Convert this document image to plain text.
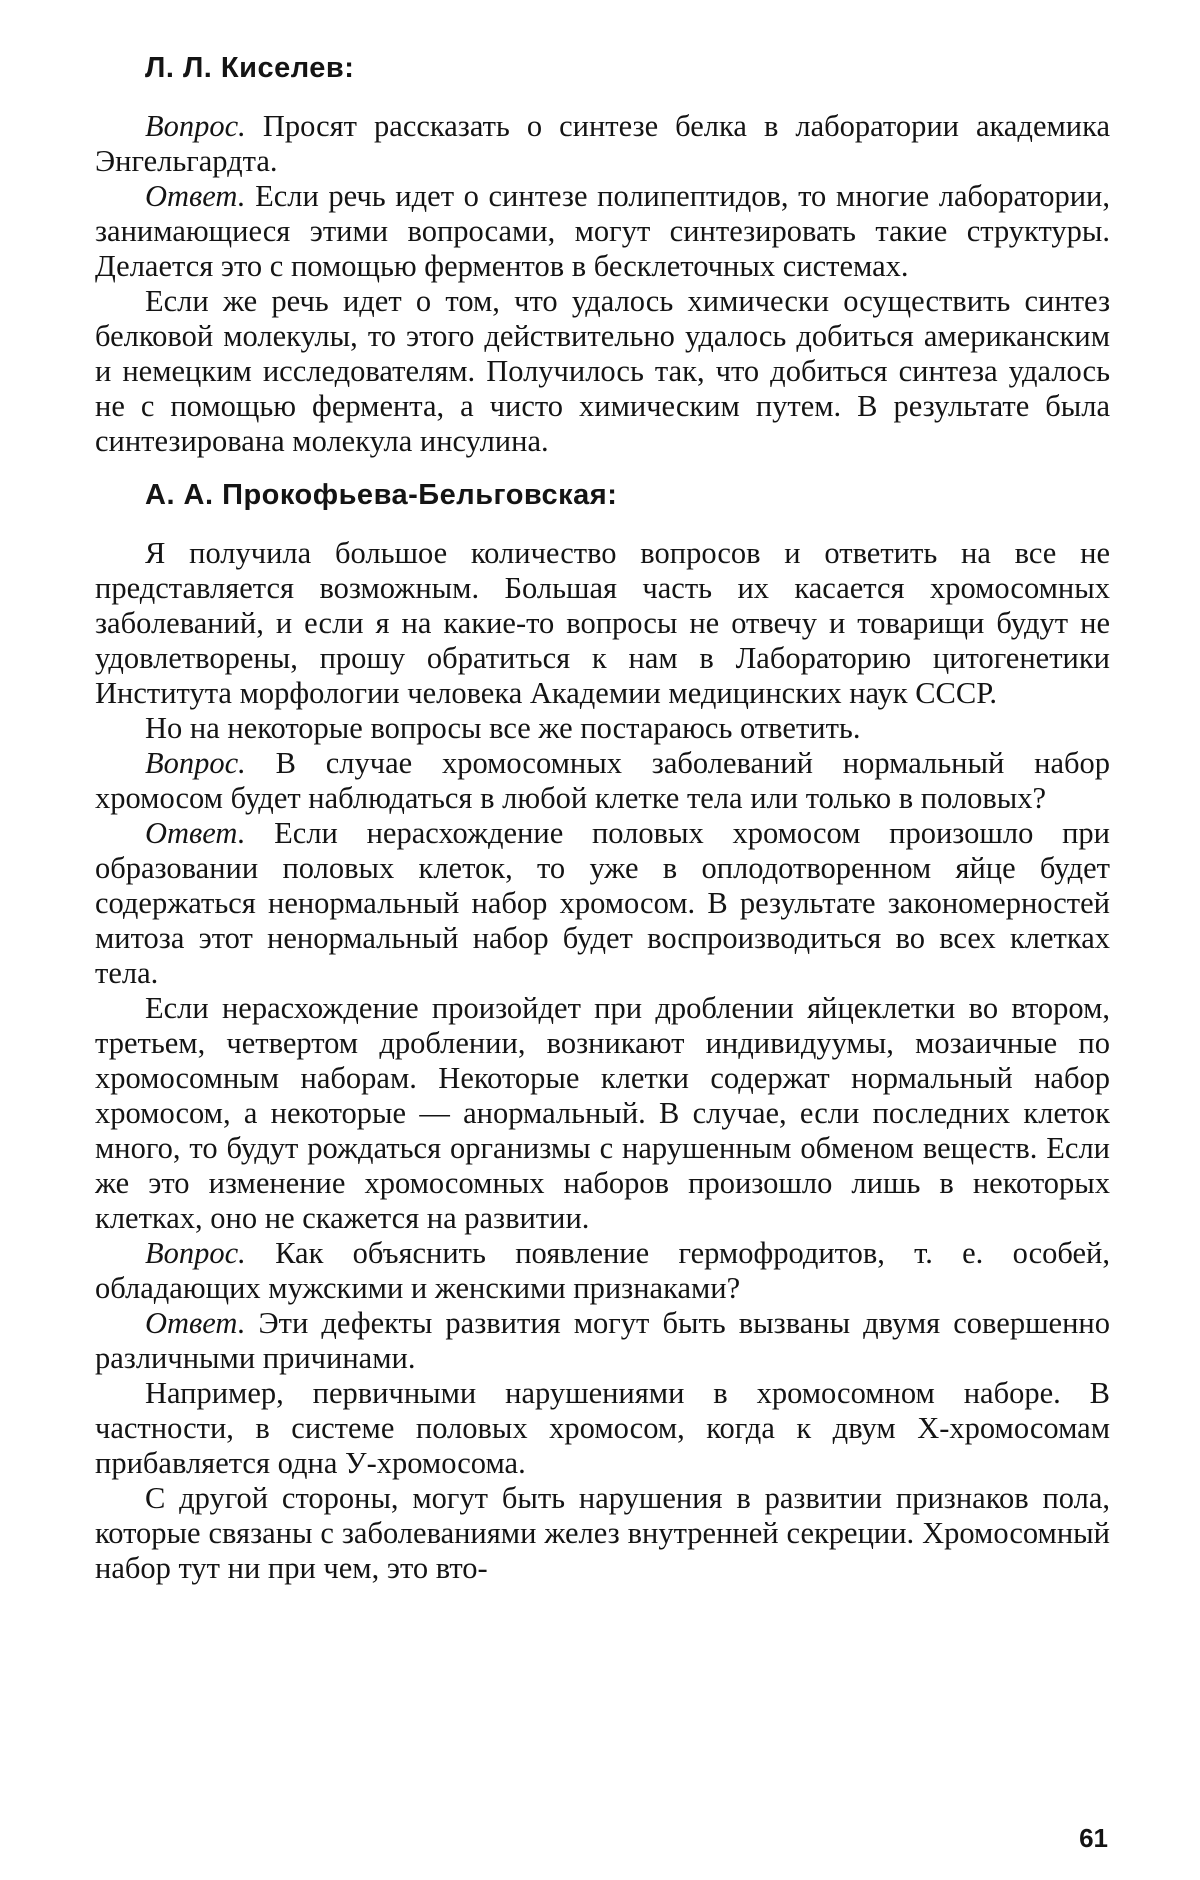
Л. Л. Киселев:

Вопрос. Просят рассказать о синтезе белка в лаборатории академика Энгельгардта.

Ответ. Если речь идет о синтезе полипептидов, то многие лаборатории, занимающиеся этими вопросами, могут синтезировать такие структуры. Делается это с помощью ферментов в бесклеточных системах.

Если же речь идет о том, что удалось химически осуществить синтез белковой молекулы, то этого действительно удалось добиться американским и немецким исследователям. Получилось так, что добиться синтеза удалось не с помощью фермента, а чисто химическим путем. В результате была синтезирована молекула инсулина.

А. А. Прокофьева-Бельговская:

Я получила большое количество вопросов и ответить на все не представляется возможным. Большая часть их касается хромосомных заболеваний, и если я на какие-то вопросы не отвечу и товарищи будут не удовлетворены, прошу обратиться к нам в Лабораторию цитогенетики Института морфологии человека Академии медицинских наук СССР.

Но на некоторые вопросы все же постараюсь ответить.

Вопрос. В случае хромосомных заболеваний нормальный набор хромосом будет наблюдаться в любой клетке тела или только в половых?

Ответ. Если нерасхождение половых хромосом произошло при образовании половых клеток, то уже в оплодотворенном яйце будет содержаться ненормальный набор хромосом. В результате закономерностей митоза этот ненормальный набор будет воспроизводиться во всех клетках тела.

Если нерасхождение произойдет при дроблении яйцеклетки во втором, третьем, четвертом дроблении, возникают индивидуумы, мозаичные по хромосомным наборам. Некоторые клетки содержат нормальный набор хромосом, а некоторые — анормальный. В случае, если последних клеток много, то будут рождаться организмы с нарушенным обменом веществ. Если же это изменение хромосомных наборов произошло лишь в некоторых клетках, оно не скажется на развитии.

Вопрос. Как объяснить появление гермофродитов, т. е. особей, обладающих мужскими и женскими признаками?

Ответ. Эти дефекты развития могут быть вызваны двумя совершенно различными причинами.

Например, первичными нарушениями в хромосомном наборе. В частности, в системе половых хромосом, когда к двум Х-хромосомам прибавляется одна У-хромосома.

С другой стороны, могут быть нарушения в развитии признаков пола, которые связаны с заболеваниями желез внутренней секреции. Хромосомный набор тут ни при чем, это вто-

61
